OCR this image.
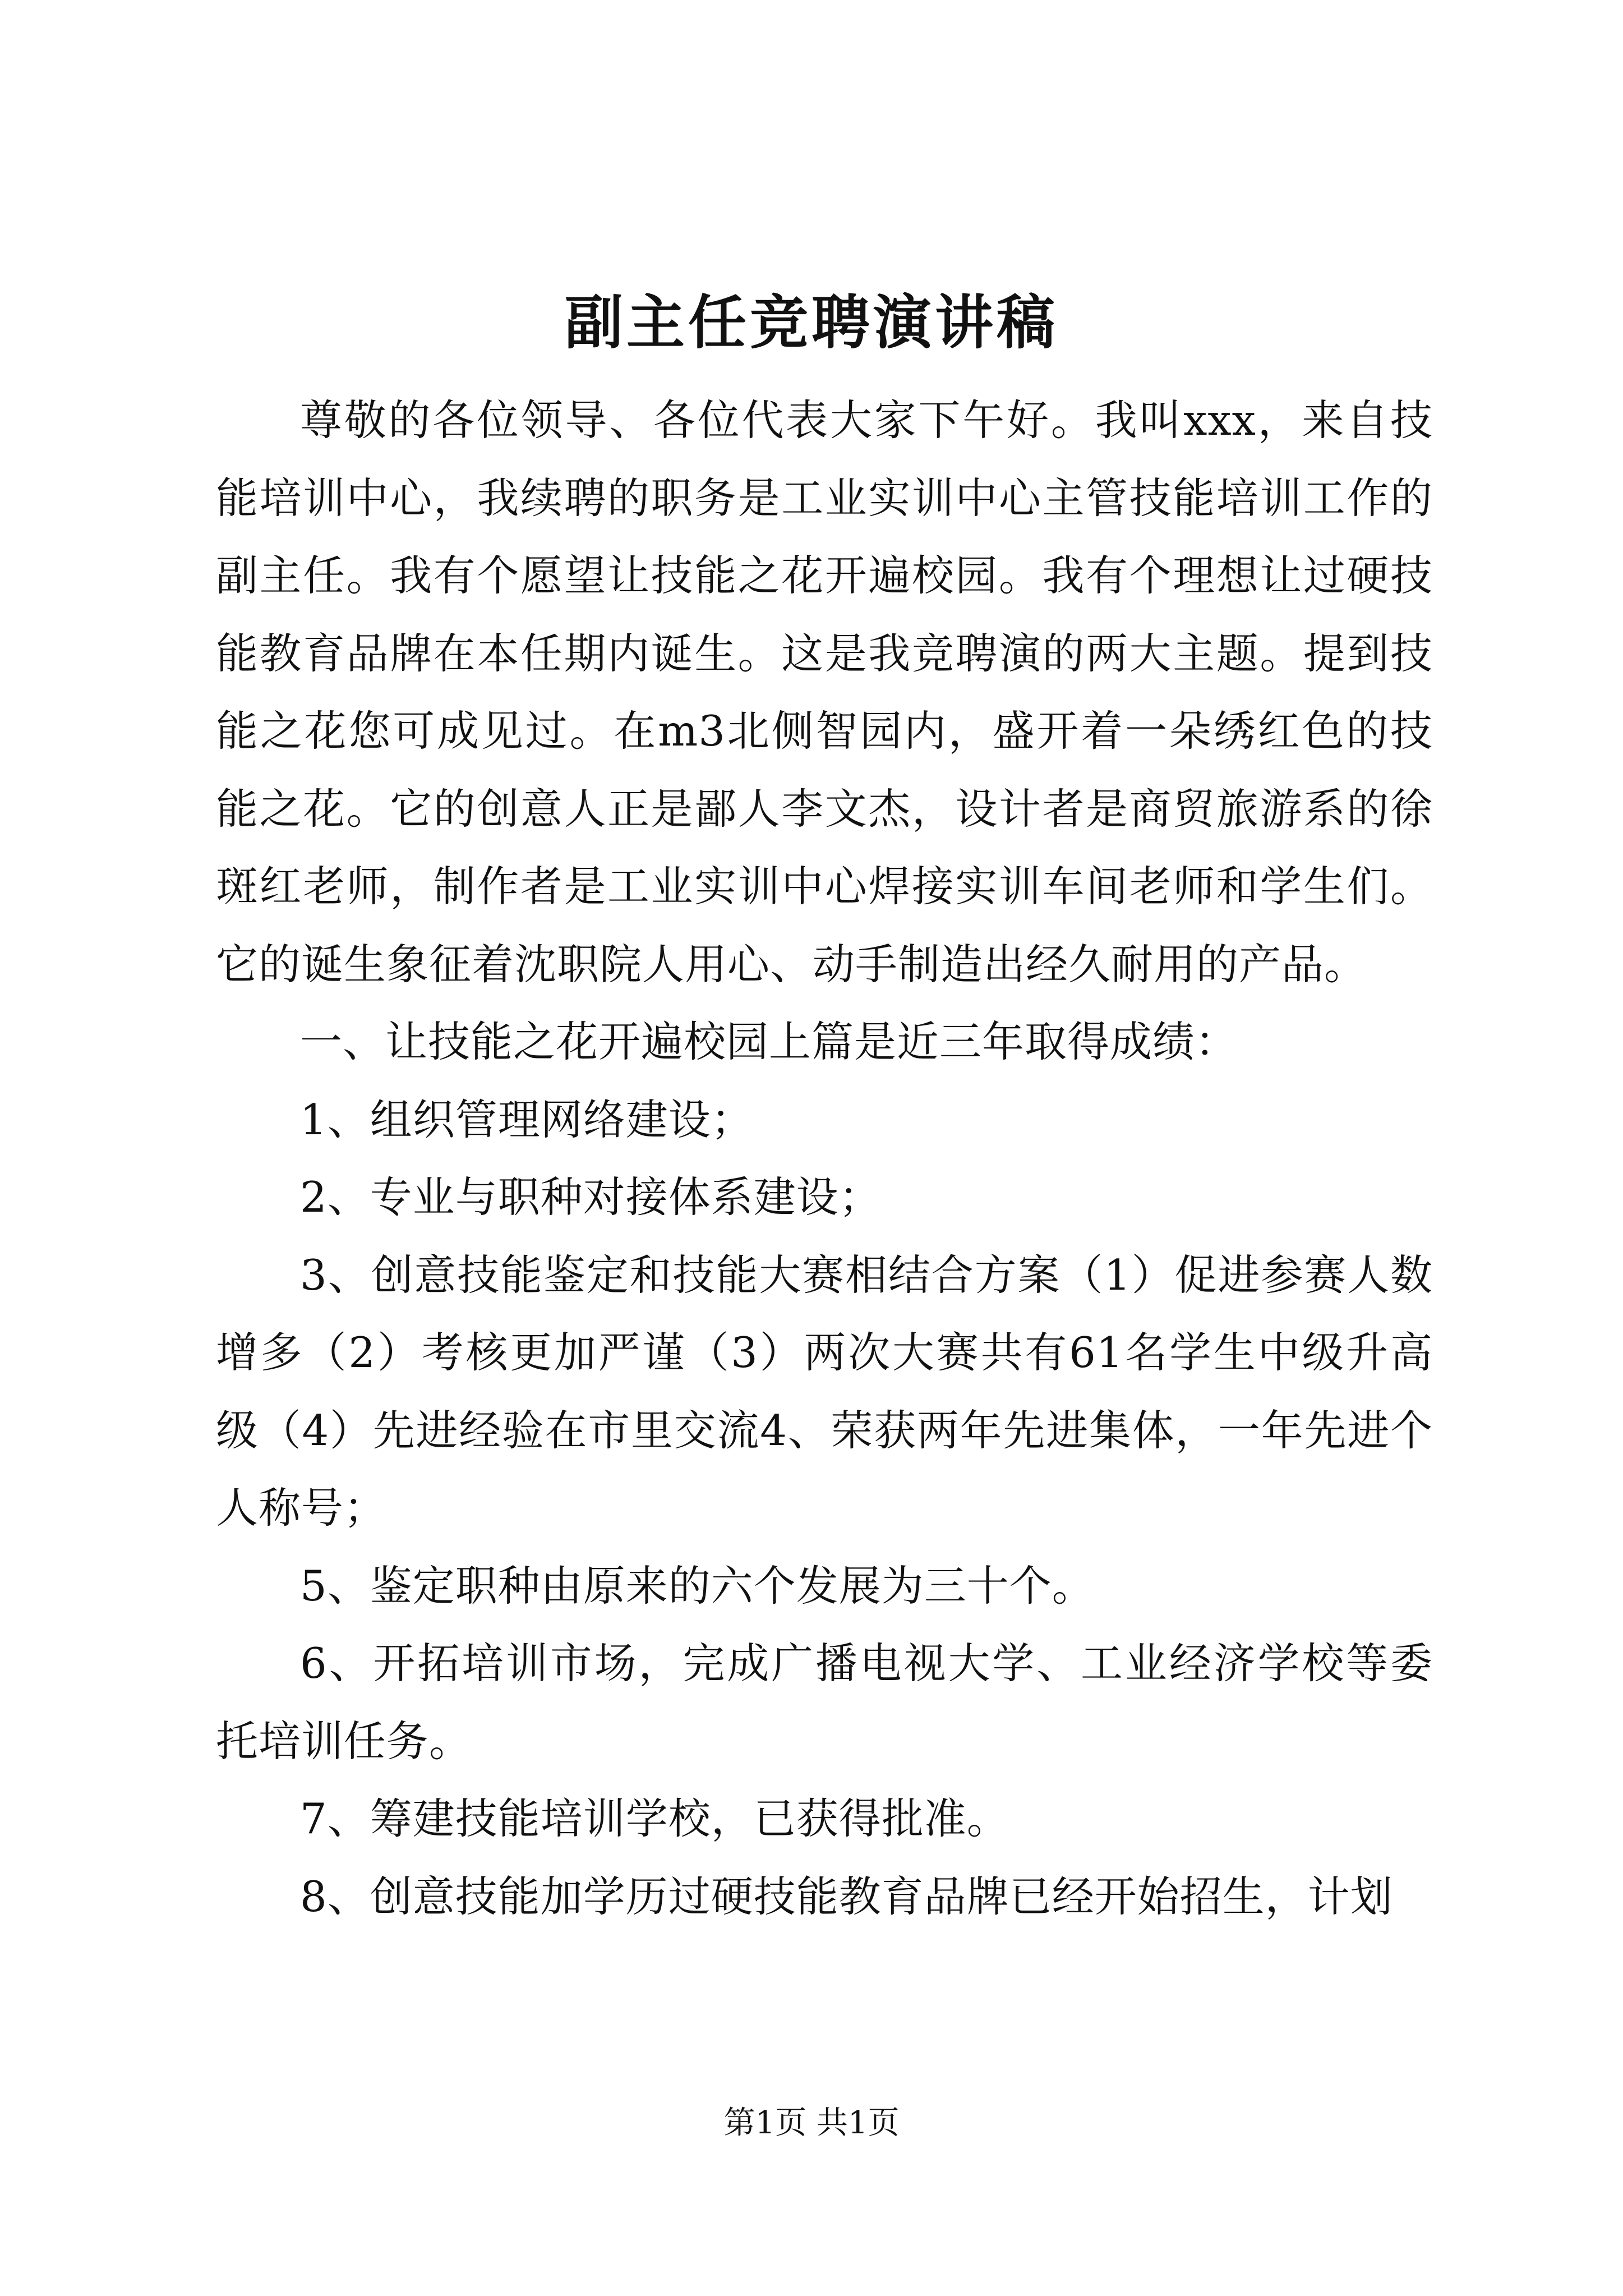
副主任竞聘演讲稿

尊敬的各位领导、各位代表大家下午好。我叫xxx，来自技能培训中心，我续聘的职务是工业实训中心主管技能培训工作的副主任。我有个愿望让技能之花开遍校园。我有个理想让过硬技能教育品牌在本任期内诞生。这是我竞聘演的两大主题。提到技能之花您可成见过。在m3北侧智园内，盛开着一朵绣红色的技能之花。它的创意人正是鄙人李文杰，设计者是商贸旅游系的徐斑红老师，制作者是工业实训中心焊接实训车间老师和学生们。它的诞生象征着沈职院人用心、动手制造出经久耐用的产品。

一、让技能之花开遍校园上篇是近三年取得成绩：

1、组织管理网络建设；

2、专业与职种对接体系建设；

3、创意技能鉴定和技能大赛相结合方案（1）促进参赛人数增多（2）考核更加严谨（3）两次大赛共有61名学生中级升高级（4）先进经验在市里交流4、荣获两年先进集体，一年先进个人称号；

5、鉴定职种由原来的六个发展为三十个。

6、开拓培训市场，完成广播电视大学、工业经济学校等委托培训任务。

7、筹建技能培训学校，已获得批准。

8、创意技能加学历过硬技能教育品牌已经开始招生，计划

第1页 共1页
